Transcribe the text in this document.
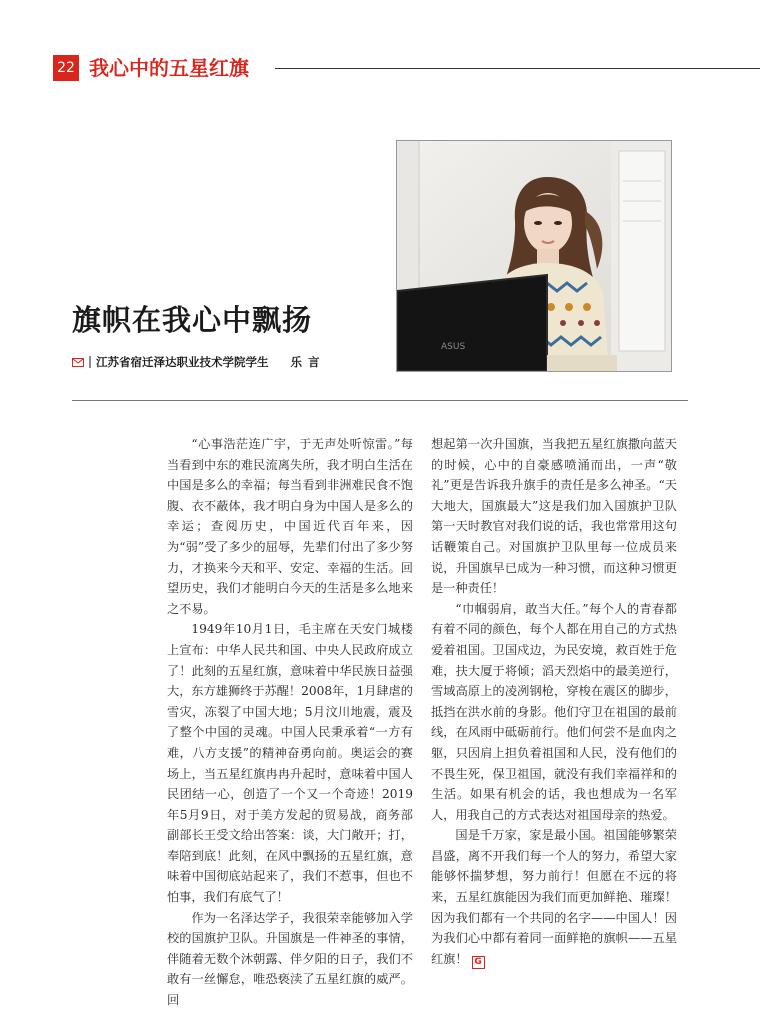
22 我心中的五星红旗
ASUS
旗帜在我心中飘扬
江苏省宿迁泽达职业技术学院学生 乐言

“心事浩茫连广宇，于无声处听惊雷。”每当看到中东的难民流离失所，我才明白生活在中国是多么的幸福；每当看到非洲难民食不饱腹、衣不蔽体，我才明白身为中国人是多么的幸运；查阅历史，中国近代百年来，因为“弱”受了多少的屈辱，先辈们付出了多少努力，才换来今天和平、安定、幸福的生活。回望历史，我们才能明白今天的生活是多么地来之不易。

1949年10月1日，毛主席在天安门城楼上宣布：中华人民共和国、中央人民政府成立了！此刻的五星红旗，意味着中华民族日益强大，东方雄狮终于苏醒！2008年，1月肆虐的雪灾，冻裂了中国大地；5月汶川地震，震及了整个中国的灵魂。中国人民秉承着“一方有难，八方支援”的精神奋勇向前。奥运会的赛场上，当五星红旗冉冉升起时，意味着中国人民团结一心，创造了一个又一个奇迹！2019年5月9日，对于美方发起的贸易战，商务部副部长王受文给出答案：谈，大门敞开；打，奉陪到底！此刻，在风中飘扬的五星红旗，意味着中国彻底站起来了，我们不惹事，但也不怕事，我们有底气了！

作为一名泽达学子，我很荣幸能够加入学校的国旗护卫队。升国旗是一件神圣的事情，伴随着无数个沐朝露、伴夕阳的日子，我们不敢有一丝懈怠，唯恐亵渎了五星红旗的威严。回

想起第一次升国旗，当我把五星红旗撒向蓝天的时候，心中的自豪感喷涌而出，一声“敬礼”更是告诉我升旗手的责任是多么神圣。“天大地大，国旗最大”这是我们加入国旗护卫队第一天时教官对我们说的话，我也常常用这句话鞭策自己。对国旗护卫队里每一位成员来说，升国旗早已成为一种习惯，而这种习惯更是一种责任！

“巾帼弱肩，敢当大任。”每个人的青春都有着不同的颜色，每个人都在用自己的方式热爱着祖国。卫国戍边，为民安境，救百姓于危难，扶大厦于将倾；滔天烈焰中的最美逆行，雪域高原上的凌冽钢枪，穿梭在震区的脚步，抵挡在洪水前的身影。他们守卫在祖国的最前线，在风雨中砥砺前行。他们何尝不是血肉之躯，只因肩上担负着祖国和人民，没有他们的不畏生死，保卫祖国，就没有我们幸福祥和的生活。如果有机会的话，我也想成为一名军人，用我自己的方式表达对祖国母亲的热爱。

国是千万家，家是最小国。祖国能够繁荣昌盛，离不开我们每一个人的努力，希望大家能够怀揣梦想，努力前行！但愿在不远的将来，五星红旗能因为我们而更加鲜艳、璀璨！因为我们都有一个共同的名字——中国人！因为我们心中都有着同一面鲜艳的旗帜——五星红旗！ G
